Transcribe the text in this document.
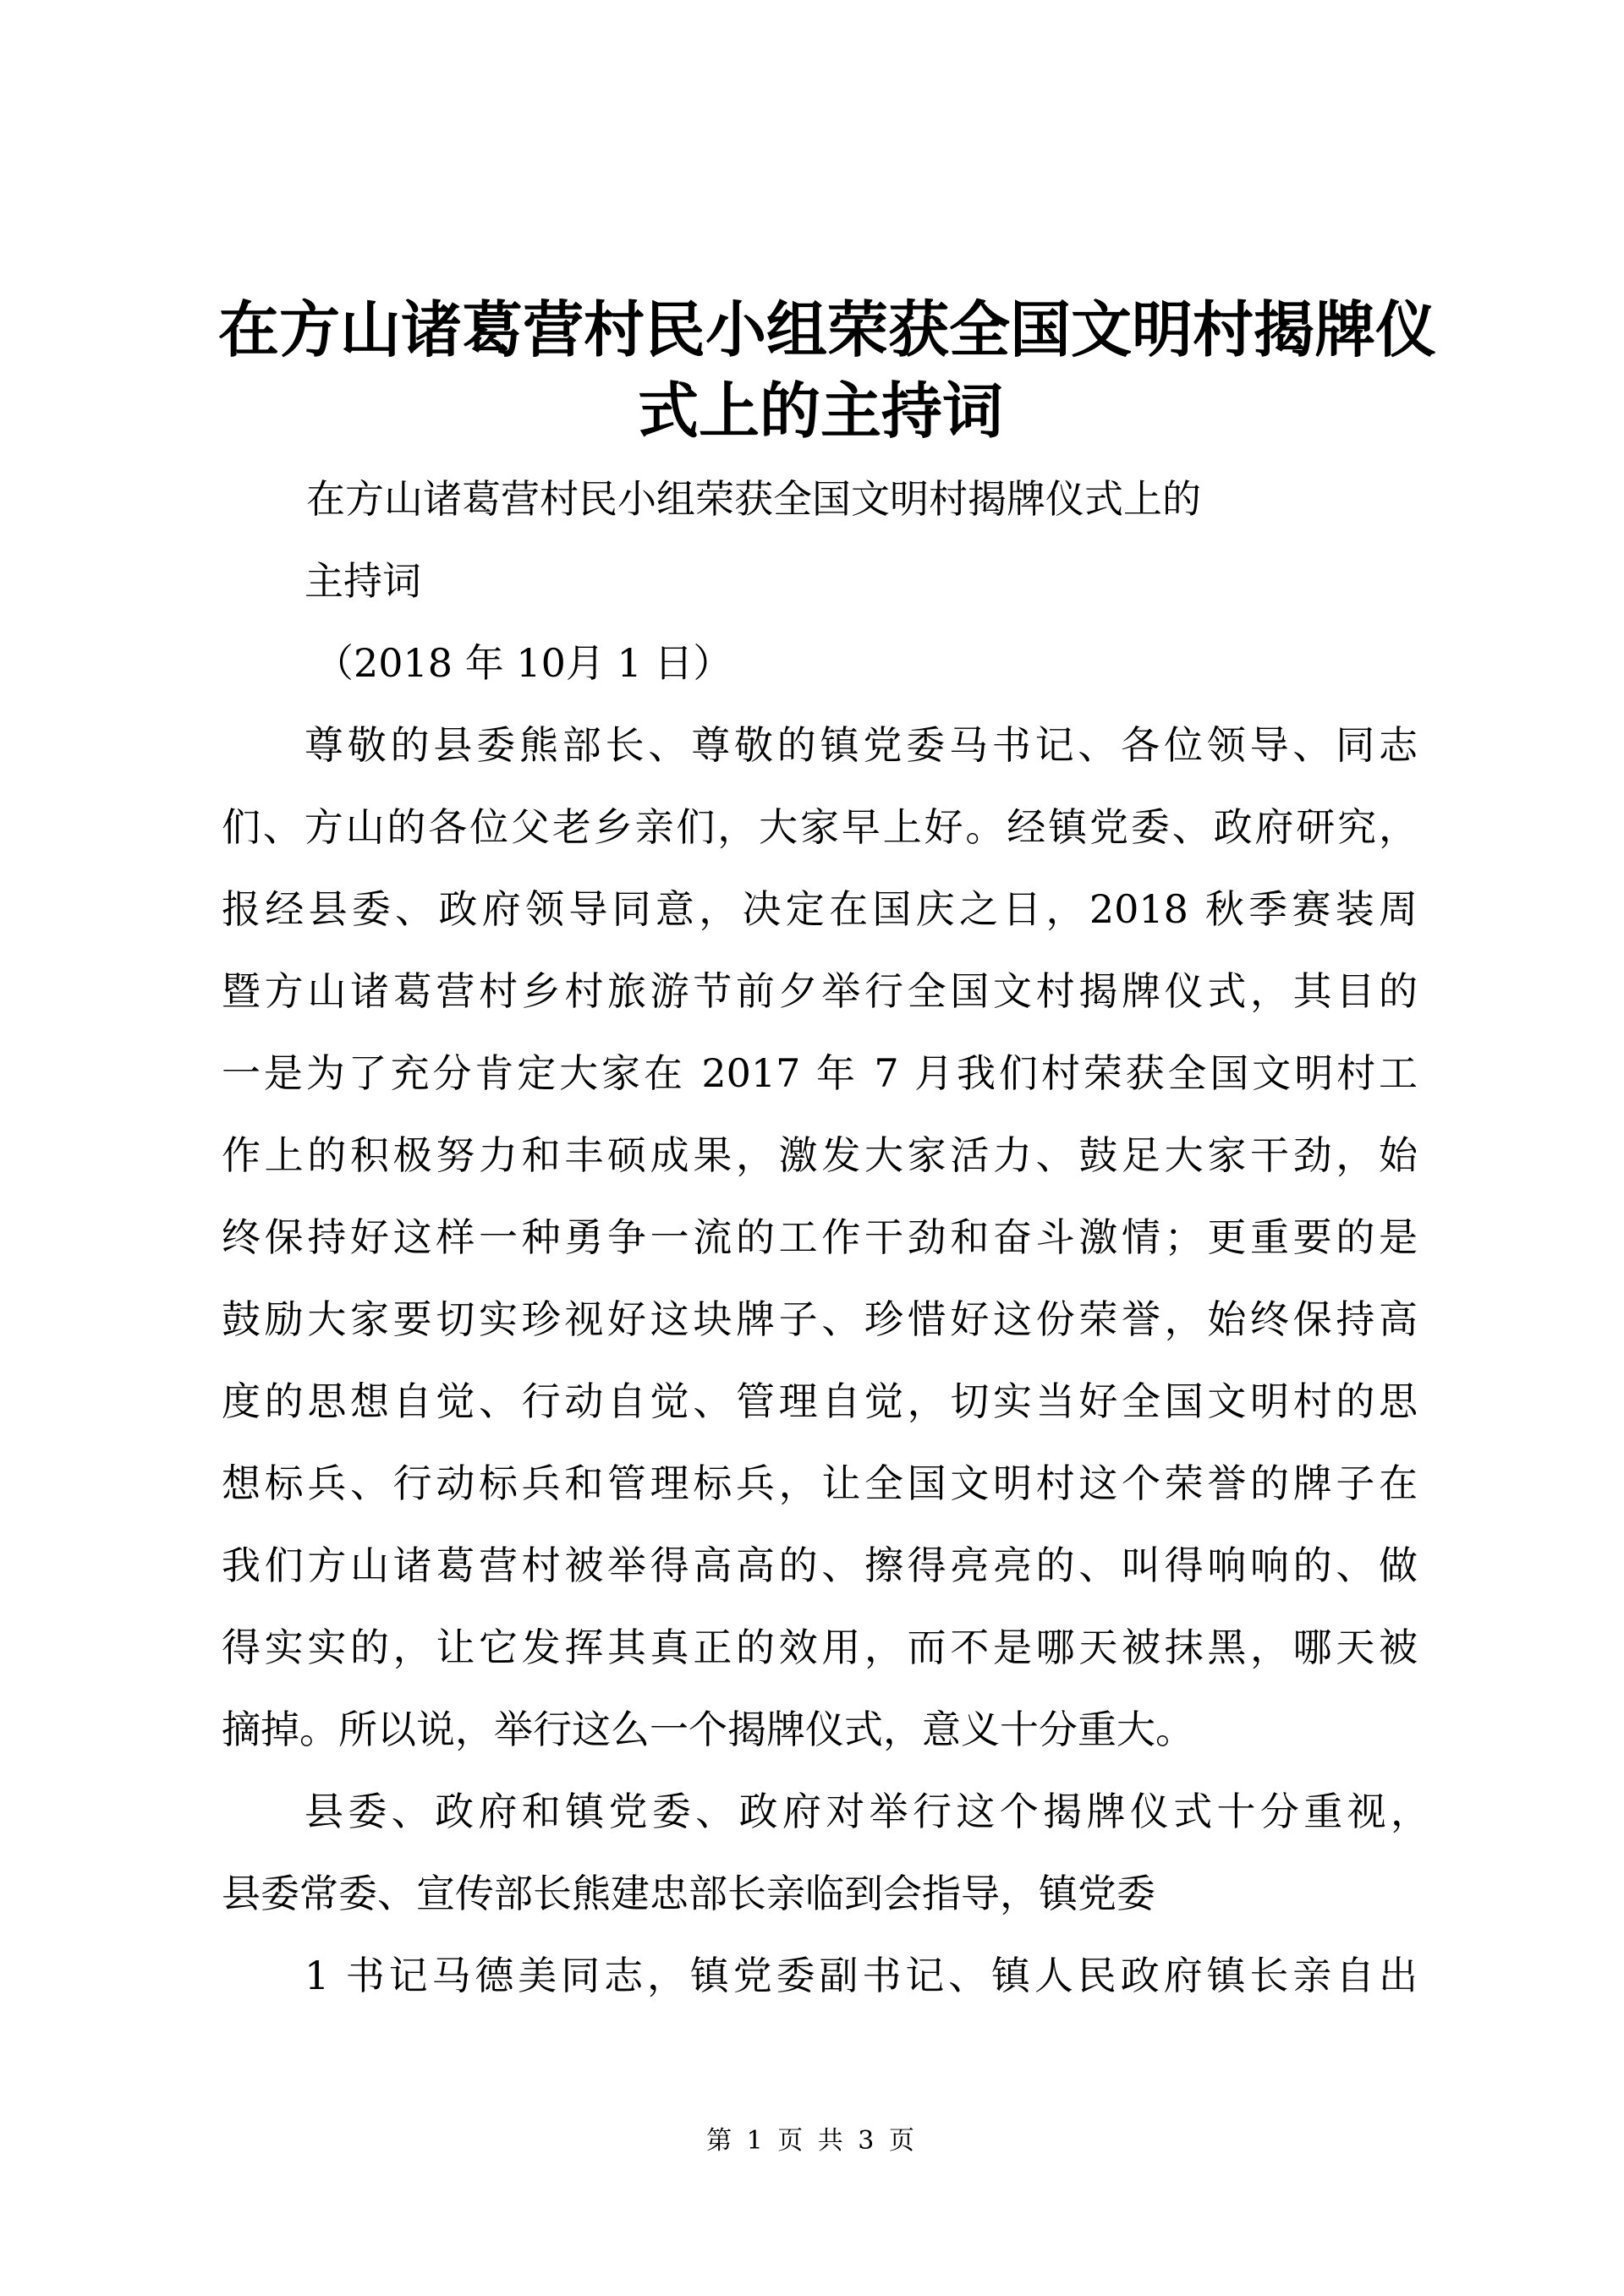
在方山诸葛营村民小组荣获全国文明村揭牌仪
式上的主持词
在方山诸葛营村民小组荣获全国文明村揭牌仪式上的
主持词
（2018 年 10月 1 日）
尊敬的县委熊部长、尊敬的镇党委马书记、各位领导、同志
们、方山的各位父老乡亲们，大家早上好。经镇党委、政府研究，
报经县委、政府领导同意，决定在国庆之日，2018 秋季赛装周
暨方山诸葛营村乡村旅游节前夕举行全国文村揭牌仪式，其目的
一是为了充分肯定大家在 2017 年 7 月我们村荣获全国文明村工
作上的积极努力和丰硕成果，激发大家活力、鼓足大家干劲，始
终保持好这样一种勇争一流的工作干劲和奋斗激情；更重要的是
鼓励大家要切实珍视好这块牌子、珍惜好这份荣誉，始终保持高
度的思想自觉、行动自觉、管理自觉，切实当好全国文明村的思
想标兵、行动标兵和管理标兵，让全国文明村这个荣誉的牌子在
我们方山诸葛营村被举得高高的、擦得亮亮的、叫得响响的、做
得实实的，让它发挥其真正的效用，而不是哪天被抹黑，哪天被
摘掉。所以说，举行这么一个揭牌仪式，意义十分重大。
县委、政府和镇党委、政府对举行这个揭牌仪式十分重视，
县委常委、宣传部长熊建忠部长亲临到会指导，镇党委
1 书记马德美同志，镇党委副书记、镇人民政府镇长亲自出
第 1 页 共 3 页
